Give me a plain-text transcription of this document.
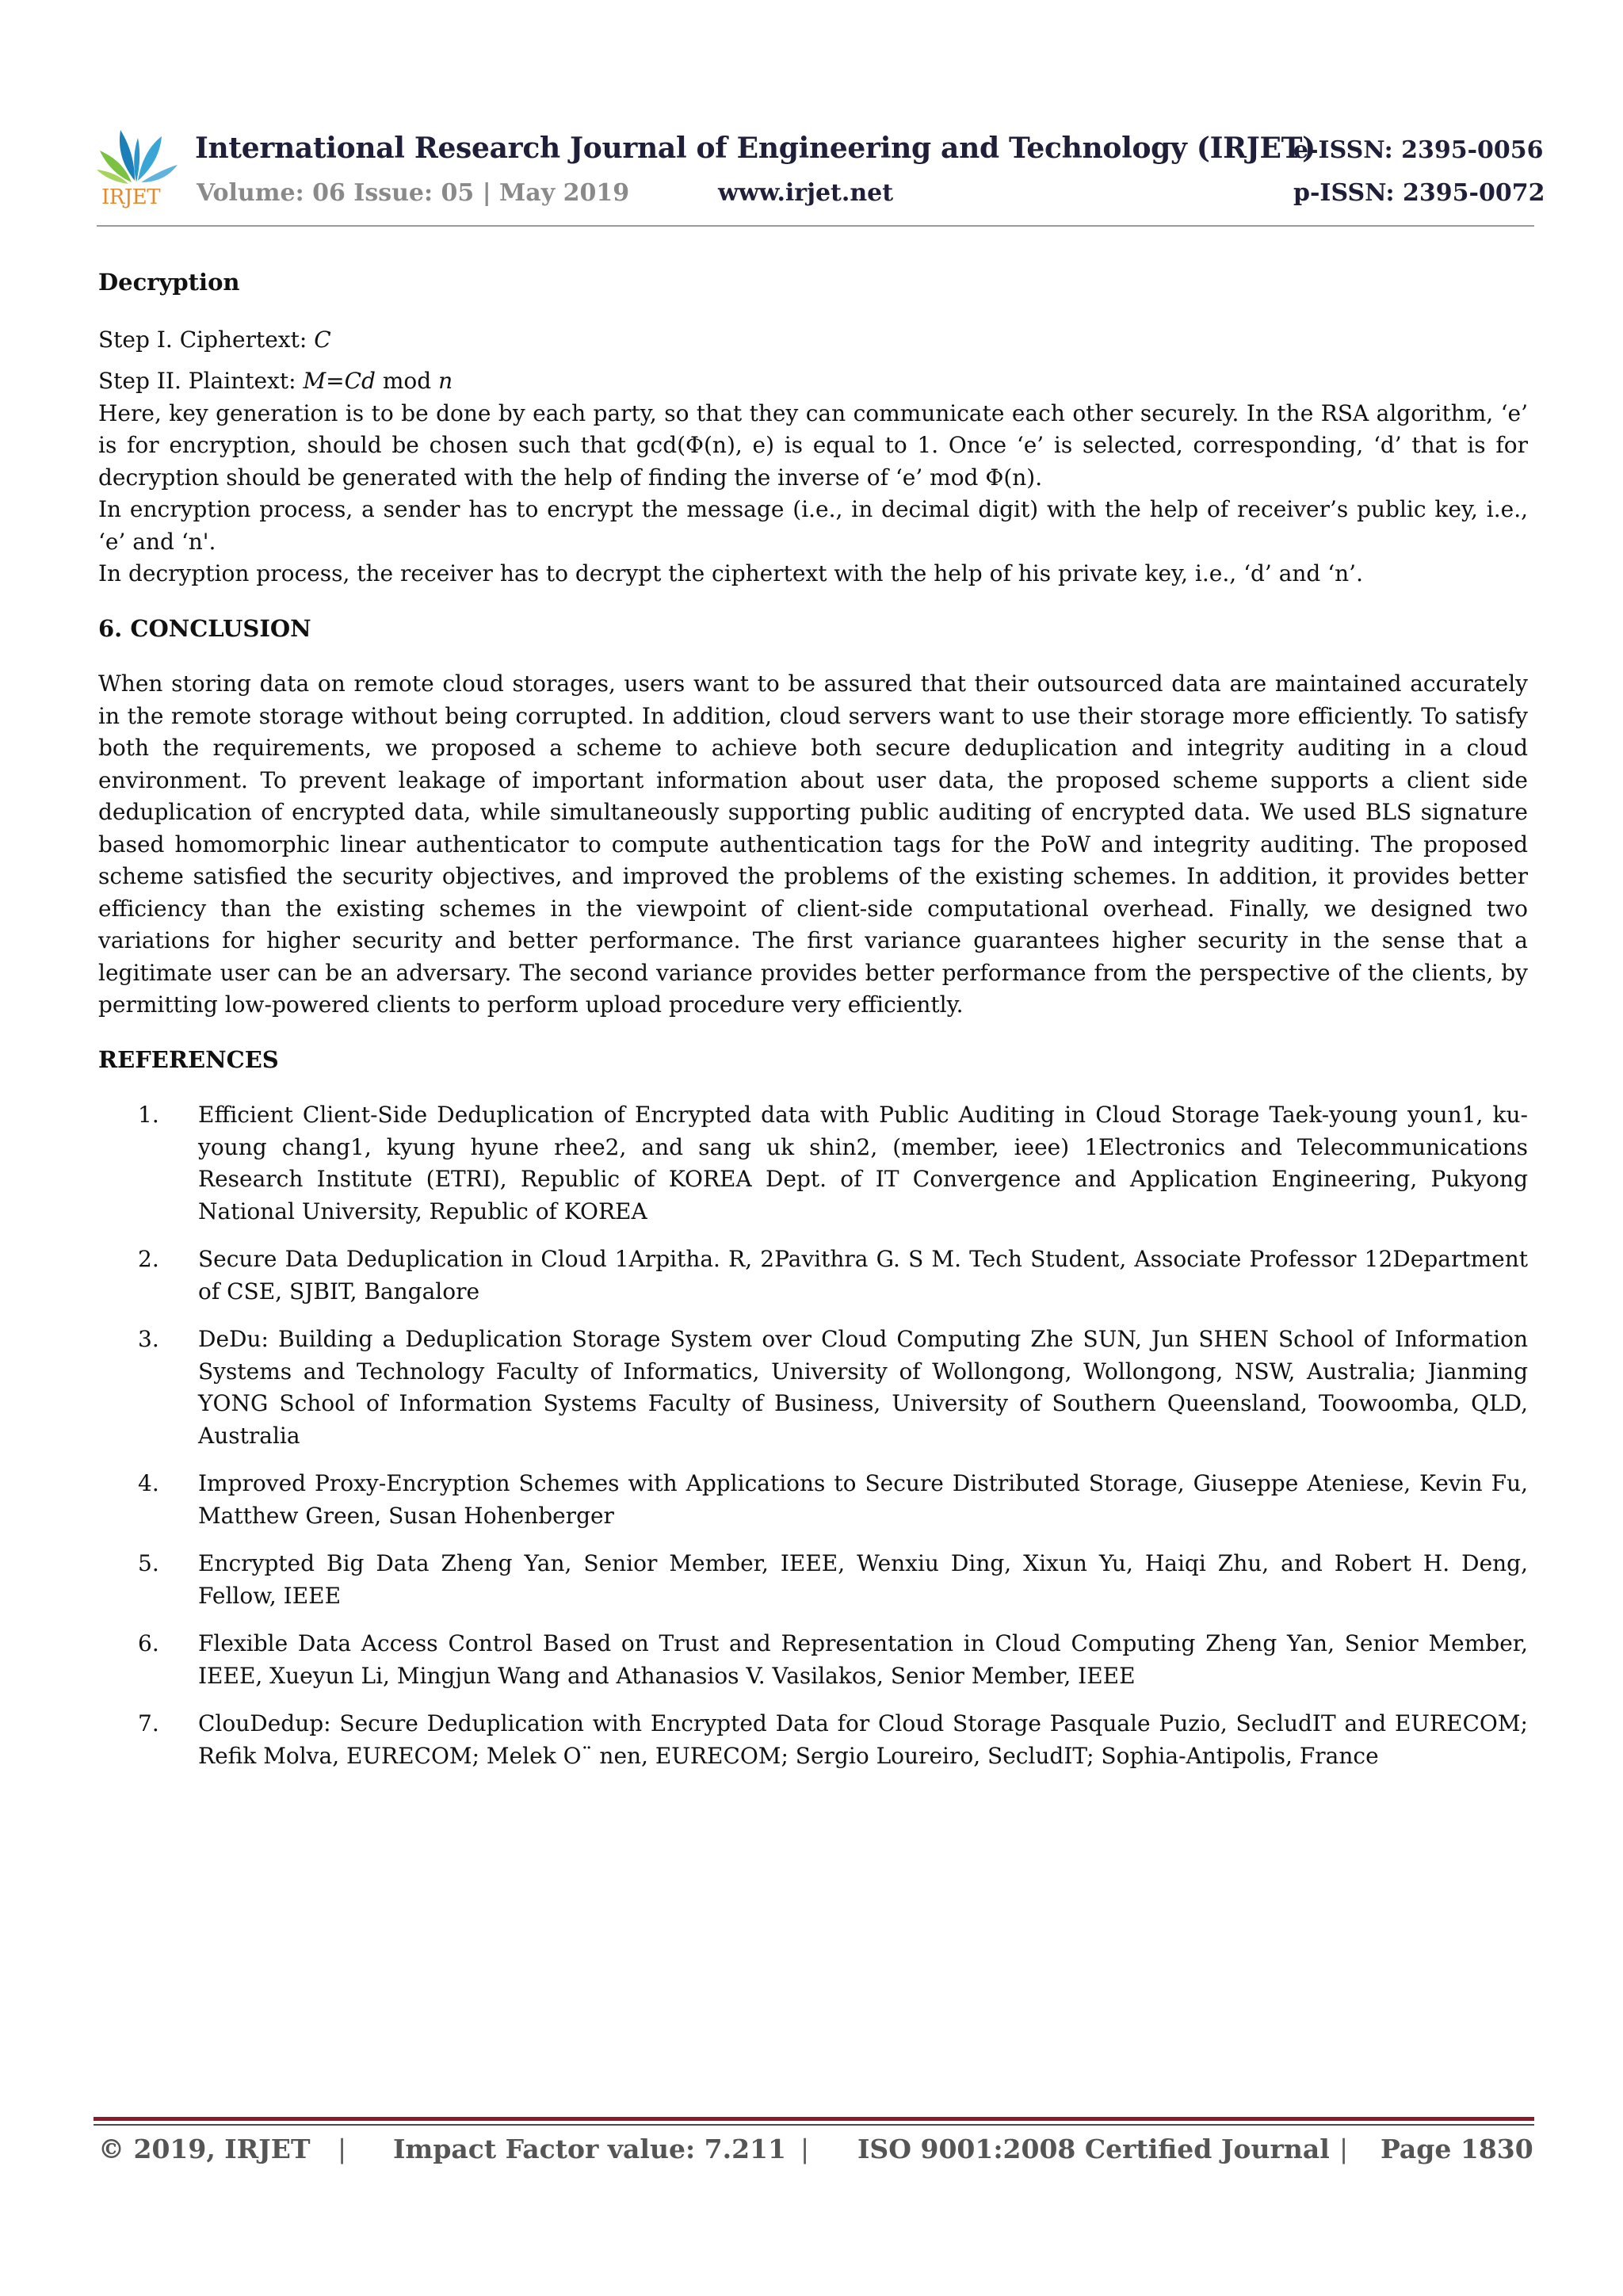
IRJET
International Research Journal of Engineering and Technology (IRJET)
e-ISSN: 2395-0056
Volume: 06 Issue: 05 | May 2019	www.irjet.net	p-ISSN: 2395-0072

Decryption

Step I. Ciphertext: C

Step II. Plaintext: M=Cd mod n

Here, key generation is to be done by each party, so that they can communicate each other securely. In the RSA algorithm, ‘e’ is for encryption, should be chosen such that gcd(Φ(n), e) is equal to 1. Once ‘e’ is selected, corresponding, ‘d’ that is for decryption should be generated with the help of finding the inverse of ‘e’ mod Φ(n).

In encryption process, a sender has to encrypt the message (i.e., in decimal digit) with the help of receiver’s public key, i.e., ‘e’ and ‘n'.

In decryption process, the receiver has to decrypt the ciphertext with the help of his private key, i.e., ‘d’ and ‘n’.

6. CONCLUSION

When storing data on remote cloud storages, users want to be assured that their outsourced data are maintained accurately in the remote storage without being corrupted. In addition, cloud servers want to use their storage more efficiently. To satisfy both the requirements, we proposed a scheme to achieve both secure deduplication and integrity auditing in a cloud environment. To prevent leakage of important information about user data, the proposed scheme supports a client side deduplication of encrypted data, while simultaneously supporting public auditing of encrypted data. We used BLS signature based homomorphic linear authenticator to compute authentication tags for the PoW and integrity auditing. The proposed scheme satisfied the security objectives, and improved the problems of the existing schemes. In addition, it provides better efficiency than the existing schemes in the viewpoint of client-side computational overhead. Finally, we designed two variations for higher security and better performance. The first variance guarantees higher security in the sense that a legitimate user can be an adversary. The second variance provides better performance from the perspective of the clients, by permitting low-powered clients to perform upload procedure very efficiently.

REFERENCES

1.	Efficient Client-Side Deduplication of Encrypted data with Public Auditing in Cloud Storage Taek-young youn1, ku-young chang1, kyung hyune rhee2, and sang uk shin2, (member, ieee) 1Electronics and Telecommunications Research Institute (ETRI), Republic of KOREA Dept. of IT Convergence and Application Engineering, Pukyong National University, Republic of KOREA
2.	Secure Data Deduplication in Cloud 1Arpitha. R, 2Pavithra G. S M. Tech Student, Associate Professor 12Department of CSE, SJBIT, Bangalore
3.	DeDu: Building a Deduplication Storage System over Cloud Computing Zhe SUN, Jun SHEN School of Information Systems and Technology Faculty of Informatics, University of Wollongong, Wollongong, NSW, Australia; Jianming YONG School of Information Systems Faculty of Business, University of Southern Queensland, Toowoomba, QLD, Australia
4.	Improved Proxy-Encryption Schemes with Applications to Secure Distributed Storage, Giuseppe Ateniese, Kevin Fu, Matthew Green, Susan Hohenberger
5.	Encrypted Big Data Zheng Yan, Senior Member, IEEE, Wenxiu Ding, Xixun Yu, Haiqi Zhu, and Robert H. Deng, Fellow, IEEE
6.	Flexible Data Access Control Based on Trust and Representation in Cloud Computing Zheng Yan, Senior Member, IEEE, Xueyun Li, Mingjun Wang and Athanasios V. Vasilakos, Senior Member, IEEE
7.	ClouDedup: Secure Deduplication with Encrypted Data for Cloud Storage Pasquale Puzio, SecludIT and EURECOM; Refik Molva, EURECOM; Melek O¨ nen, EURECOM; Sergio Loureiro, SecludIT; Sophia-Antipolis, France
© 2019, IRJET | Impact Factor value: 7.211 | ISO 9001:2008 Certified Journal | Page 1830
